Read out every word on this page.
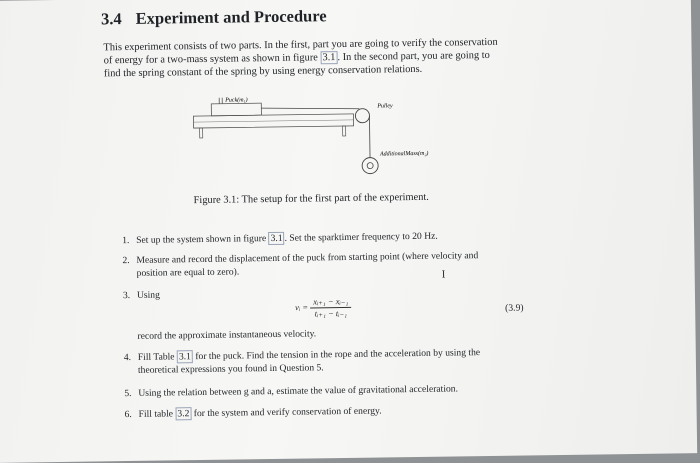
3.4 Experiment and Procedure
This experiment consists of two parts. In the first, part you are going to verify the conservation
of energy for a two-mass system as shown in figure 3.1 . In the second part, you are going to
find the spring constant of the spring by using energy conservation relations.
Puck(m₁)
Pulley
AdditionalMass(m₂)
Figure 3.1: The setup for the first part of the experiment.
1. Set up the system shown in figure 3.1 . Set the sparktimer frequency to 20 Hz.
2. Measure and record the displacement of the puck from starting point (where velocity and
position are equal to zero).	I
3. Using
vᵢ = $\frac{\text{xᵢ₊₁ − xᵢ₋₁}}{\text{tᵢ₊₁ − tᵢ₋₁}}$	(3.9)
record the approximate instantaneous velocity.
4. Fill Table 3.1 for the puck. Find the tension in the rope and the acceleration by using the
theoretical expressions you found in Question 5.
5. Using the relation between g and a, estimate the value of gravitational acceleration.
6. Fill table 3.2 for the system and verify conservation of energy.
